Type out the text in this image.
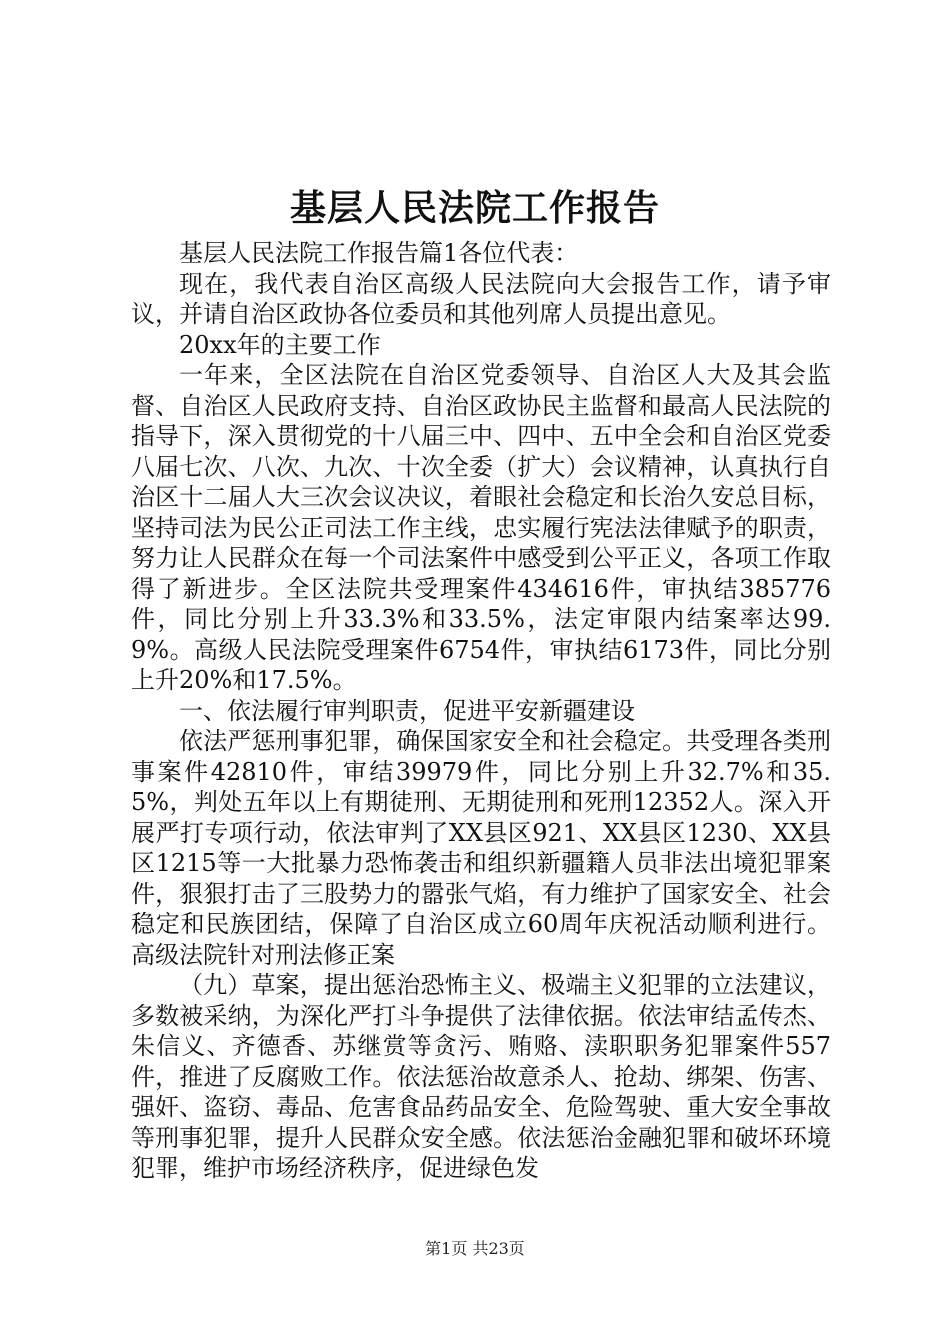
基层人民法院工作报告

基层人民法院工作报告篇1各位代表：

现在，我代表自治区高级人民法院向大会报告工作，请予审议，并请自治区政协各位委员和其他列席人员提出意见。

20xx年的主要工作

一年来，全区法院在自治区党委领导、自治区人大及其会监督、自治区人民政府支持、自治区政协民主监督和最高人民法院的指导下，深入贯彻党的十八届三中、四中、五中全会和自治区党委八届七次、八次、九次、十次全委（扩大）会议精神，认真执行自治区十二届人大三次会议决议，着眼社会稳定和长治久安总目标，坚持司法为民公正司法工作主线，忠实履行宪法法律赋予的职责，努力让人民群众在每一个司法案件中感受到公平正义，各项工作取得了新进步。全区法院共受理案件434616件，审执结385776件，同比分别上升33.3%和33.5%，法定审限内结案率达99.9%。高级人民法院受理案件6754件，审执结6173件，同比分别上升20%和17.5%。

一、依法履行审判职责，促进平安新疆建设

依法严惩刑事犯罪，确保国家安全和社会稳定。共受理各类刑事案件42810件，审结39979件，同比分别上升32.7%和35.5%，判处五年以上有期徒刑、无期徒刑和死刑12352人。深入开展严打专项行动，依法审判了XX县区921、XX县区1230、XX县区1215等一大批暴力恐怖袭击和组织新疆籍人员非法出境犯罪案件，狠狠打击了三股势力的嚣张气焰，有力维护了国家安全、社会稳定和民族团结，保障了自治区成立60周年庆祝活动顺利进行。高级法院针对刑法修正案

（九）草案，提出惩治恐怖主义、极端主义犯罪的立法建议，多数被采纳，为深化严打斗争提供了法律依据。依法审结孟传杰、朱信义、齐德香、苏继赏等贪污、贿赂、渎职职务犯罪案件557件，推进了反腐败工作。依法惩治故意杀人、抢劫、绑架、伤害、强奸、盗窃、毒品、危害食品药品安全、危险驾驶、重大安全事故等刑事犯罪，提升人民群众安全感。依法惩治金融犯罪和破坏环境犯罪，维护市场经济秩序，促进绿色发

第1页 共23页
